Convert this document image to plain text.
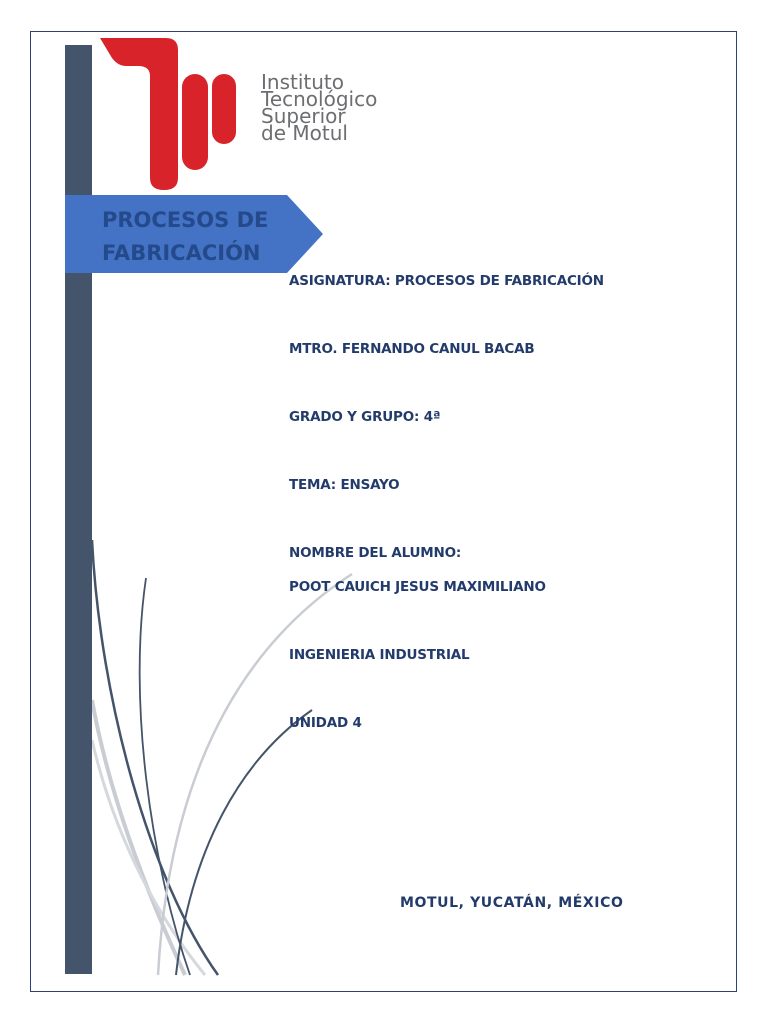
Instituto
Tecnológico
Superior
de Motul
PROCESOS DE FABRICACIÓN
ASIGNATURA: PROCESOS DE FABRICACIÓN
MTRO. FERNANDO CANUL BACAB
GRADO Y GRUPO: 4ª
TEMA: ENSAYO
NOMBRE DEL ALUMNO:
POOT CAUICH JESUS MAXIMILIANO
INGENIERIA INDUSTRIAL
UNIDAD 4
MOTUL, YUCATÁN, MÉXICO
